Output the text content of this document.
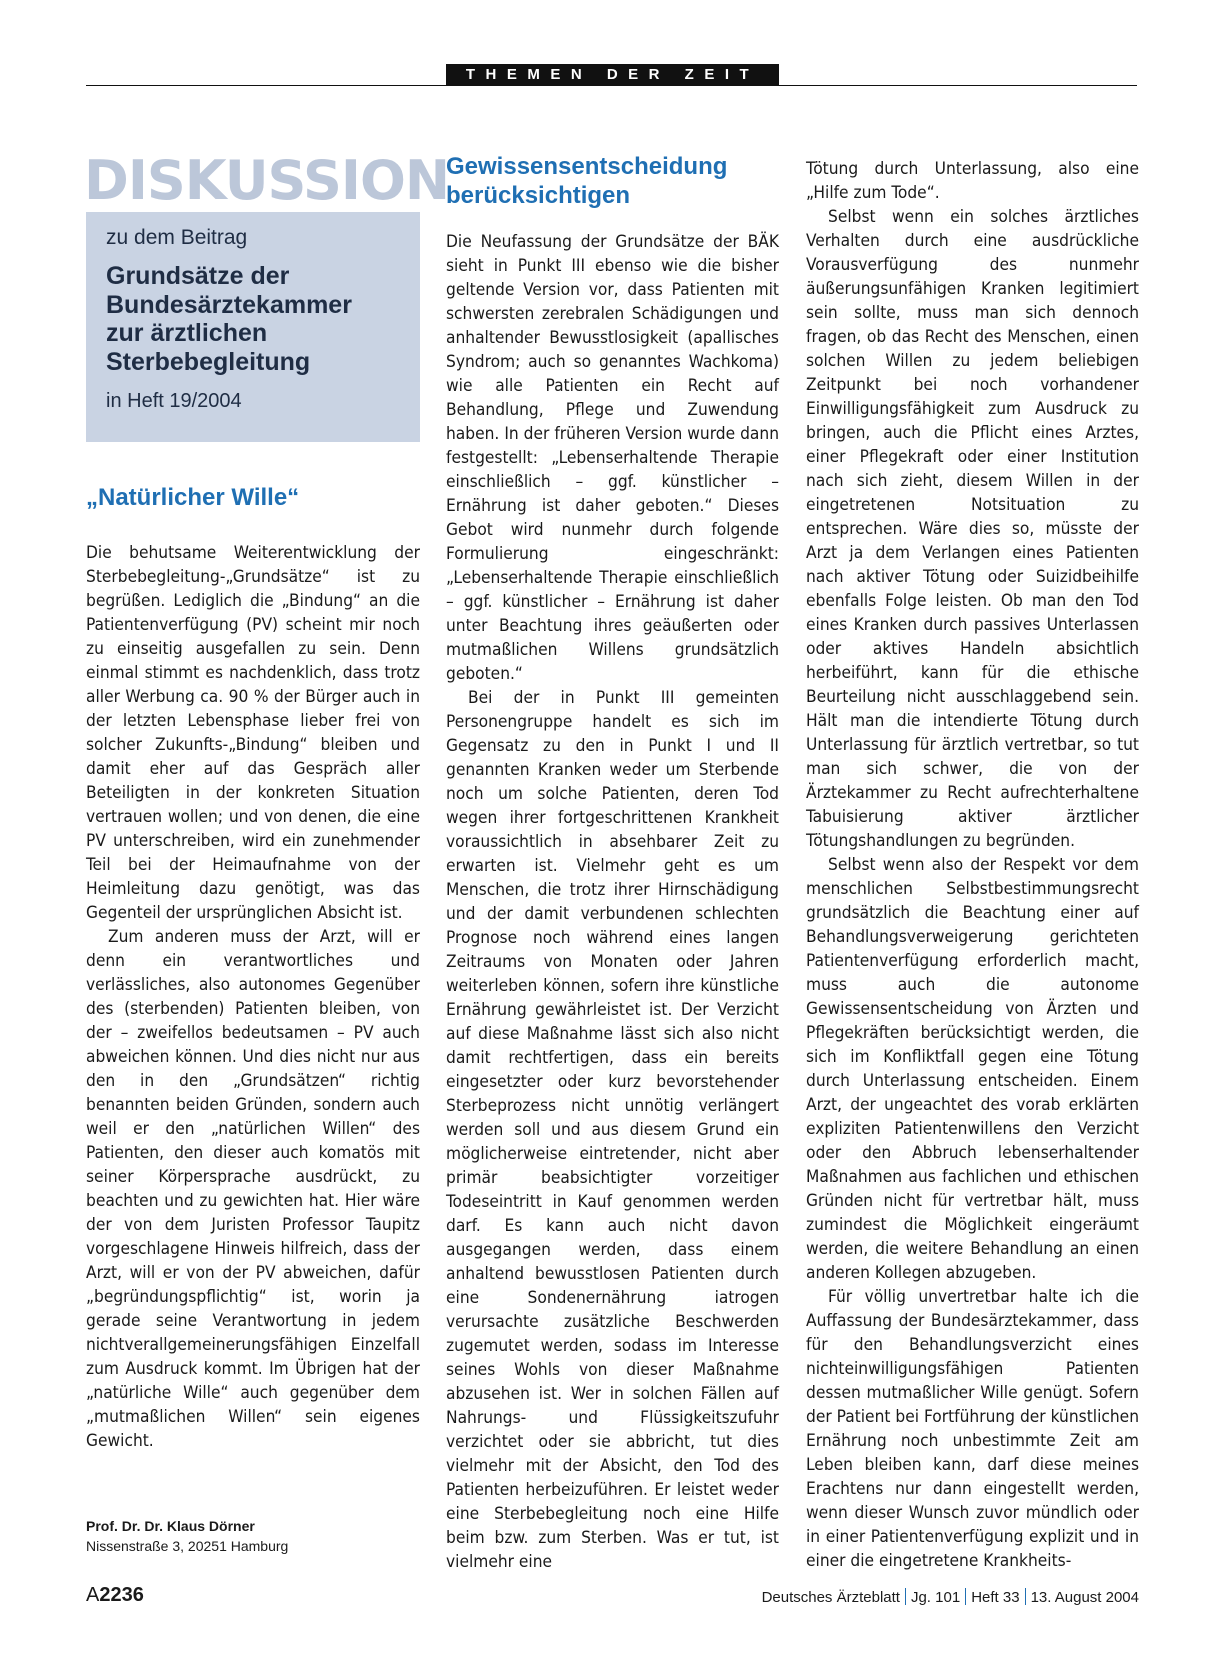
THEMEN DER ZEIT
DISKUSSION
zu dem Beitrag
Grundsätze der
Bundesärztekammer
zur ärztlichen
Sterbebegleitung
in Heft 19/2004
„Natürlicher Wille“

Die behutsame Weiterentwicklung der Sterbebegleitung-„Grundsätze“ ist zu begrüßen. Lediglich die „Bindung“ an die Patientenverfügung (PV) scheint mir noch zu einseitig ausgefallen zu sein. Denn einmal stimmt es nachdenklich, dass trotz aller Werbung ca. 90 % der Bürger auch in der letzten Lebensphase lieber frei von solcher Zukunfts-„Bindung“ bleiben und damit eher auf das Gespräch aller Beteiligten in der konkreten Situation vertrauen wollen; und von denen, die eine PV unterschreiben, wird ein zunehmender Teil bei der Heimaufnahme von der Heimleitung dazu genötigt, was das Gegenteil der ursprünglichen Absicht ist.

Zum anderen muss der Arzt, will er denn ein verantwortliches und verlässliches, also autonomes Gegenüber des (sterbenden) Patienten bleiben, von der – zweifellos bedeutsamen – PV auch abweichen können. Und dies nicht nur aus den in den „Grundsätzen“ richtig benannten beiden Gründen, sondern auch weil er den „natürlichen Willen“ des Patienten, den dieser auch komatös mit seiner Körpersprache ausdrückt, zu beachten und zu gewichten hat. Hier wäre der von dem Juristen Professor Taupitz vorgeschlagene Hinweis hilfreich, dass der Arzt, will er von der PV abweichen, dafür „begründungspflichtig“ ist, worin ja gerade seine Verantwortung in jedem nichtverallgemeinerungsfähigen Einzelfall zum Ausdruck kommt. Im Übrigen hat der „natürliche Wille“ auch gegenüber dem „mutmaßlichen Willen“ sein eigenes Gewicht.

Prof. Dr. Dr. Klaus Dörner
Nissenstraße 3, 20251 Hamburg
Gewissensentscheidung
berücksichtigen

Die Neufassung der Grundsätze der BÄK sieht in Punkt III ebenso wie die bisher geltende Version vor, dass Patienten mit schwersten zerebralen Schädigungen und anhaltender Bewusstlosigkeit (apallisches Syndrom; auch so genanntes Wachkoma) wie alle Patienten ein Recht auf Behandlung, Pflege und Zuwendung haben. In der früheren Version wurde dann festgestellt: „Lebenserhaltende Therapie einschließlich – ggf. künstlicher – Ernährung ist daher geboten.“ Dieses Gebot wird nunmehr durch folgende Formulierung eingeschränkt: „Lebenserhaltende Therapie einschließlich – ggf. künstlicher – Ernährung ist daher unter Beachtung ihres geäußerten oder mutmaßlichen Willens grundsätzlich geboten.“

Bei der in Punkt III gemeinten Personengruppe handelt es sich im Gegensatz zu den in Punkt I und II genannten Kranken weder um Sterbende noch um solche Patienten, deren Tod wegen ihrer fortgeschrittenen Krankheit voraussichtlich in absehbarer Zeit zu erwarten ist. Vielmehr geht es um Menschen, die trotz ihrer Hirnschädigung und der damit verbundenen schlechten Prognose noch während eines langen Zeitraums von Monaten oder Jahren weiterleben können, sofern ihre künstliche Ernährung gewährleistet ist. Der Verzicht auf diese Maßnahme lässt sich also nicht damit rechtfertigen, dass ein bereits eingesetzter oder kurz bevorstehender Sterbeprozess nicht unnötig verlängert werden soll und aus diesem Grund ein möglicherweise eintretender, nicht aber primär beabsichtigter vorzeitiger Todeseintritt in Kauf genommen werden darf. Es kann auch nicht davon ausgegangen werden, dass einem anhaltend bewusstlosen Patienten durch eine Sondenernährung iatrogen verursachte zusätzliche Beschwerden zugemutet werden, sodass im Interesse seines Wohls von dieser Maßnahme abzusehen ist. Wer in solchen Fällen auf Nahrungs- und Flüssigkeitszufuhr verzichtet oder sie abbricht, tut dies vielmehr mit der Absicht, den Tod des Patienten herbeizuführen. Er leistet weder eine Sterbebegleitung noch eine Hilfe beim bzw. zum Sterben. Was er tut, ist vielmehr eine

Tötung durch Unterlassung, also eine „Hilfe zum Tode“.

Selbst wenn ein solches ärztliches Verhalten durch eine ausdrückliche Vorausverfügung des nunmehr äußerungsunfähigen Kranken legitimiert sein sollte, muss man sich dennoch fragen, ob das Recht des Menschen, einen solchen Willen zu jedem beliebigen Zeitpunkt bei noch vorhandener Einwilligungsfähigkeit zum Ausdruck zu bringen, auch die Pflicht eines Arztes, einer Pflegekraft oder einer Institution nach sich zieht, diesem Willen in der eingetretenen Notsituation zu entsprechen. Wäre dies so, müsste der Arzt ja dem Verlangen eines Patienten nach aktiver Tötung oder Suizidbeihilfe ebenfalls Folge leisten. Ob man den Tod eines Kranken durch passives Unterlassen oder aktives Handeln absichtlich herbeiführt, kann für die ethische Beurteilung nicht ausschlaggebend sein. Hält man die intendierte Tötung durch Unterlassung für ärztlich vertretbar, so tut man sich schwer, die von der Ärztekammer zu Recht aufrechterhaltene Tabuisierung aktiver ärztlicher Tötungshandlungen zu begründen.

Selbst wenn also der Respekt vor dem menschlichen Selbstbestimmungsrecht grundsätzlich die Beachtung einer auf Behandlungsverweigerung gerichteten Patientenverfügung erforderlich macht, muss auch die autonome Gewissensentscheidung von Ärzten und Pflegekräften berücksichtigt werden, die sich im Konfliktfall gegen eine Tötung durch Unterlassung entscheiden. Einem Arzt, der ungeachtet des vorab erklärten expliziten Patientenwillens den Verzicht oder den Abbruch lebenserhaltender Maßnahmen aus fachlichen und ethischen Gründen nicht für vertretbar hält, muss zumindest die Möglichkeit eingeräumt werden, die weitere Behandlung an einen anderen Kollegen abzugeben.

Für völlig unvertretbar halte ich die Auffassung der Bundesärztekammer, dass für den Behandlungsverzicht eines nichteinwilligungsfähigen Patienten dessen mutmaßlicher Wille genügt. Sofern der Patient bei Fortführung der künstlichen Ernährung noch unbestimmte Zeit am Leben bleiben kann, darf diese meines Erachtens nur dann eingestellt werden, wenn dieser Wunsch zuvor mündlich oder in einer Patientenverfügung explizit und in einer die eingetretene Krankheits-

A2236	Deutsches Ärzteblatt Jg. 101 Heft 33 13. August 2004
